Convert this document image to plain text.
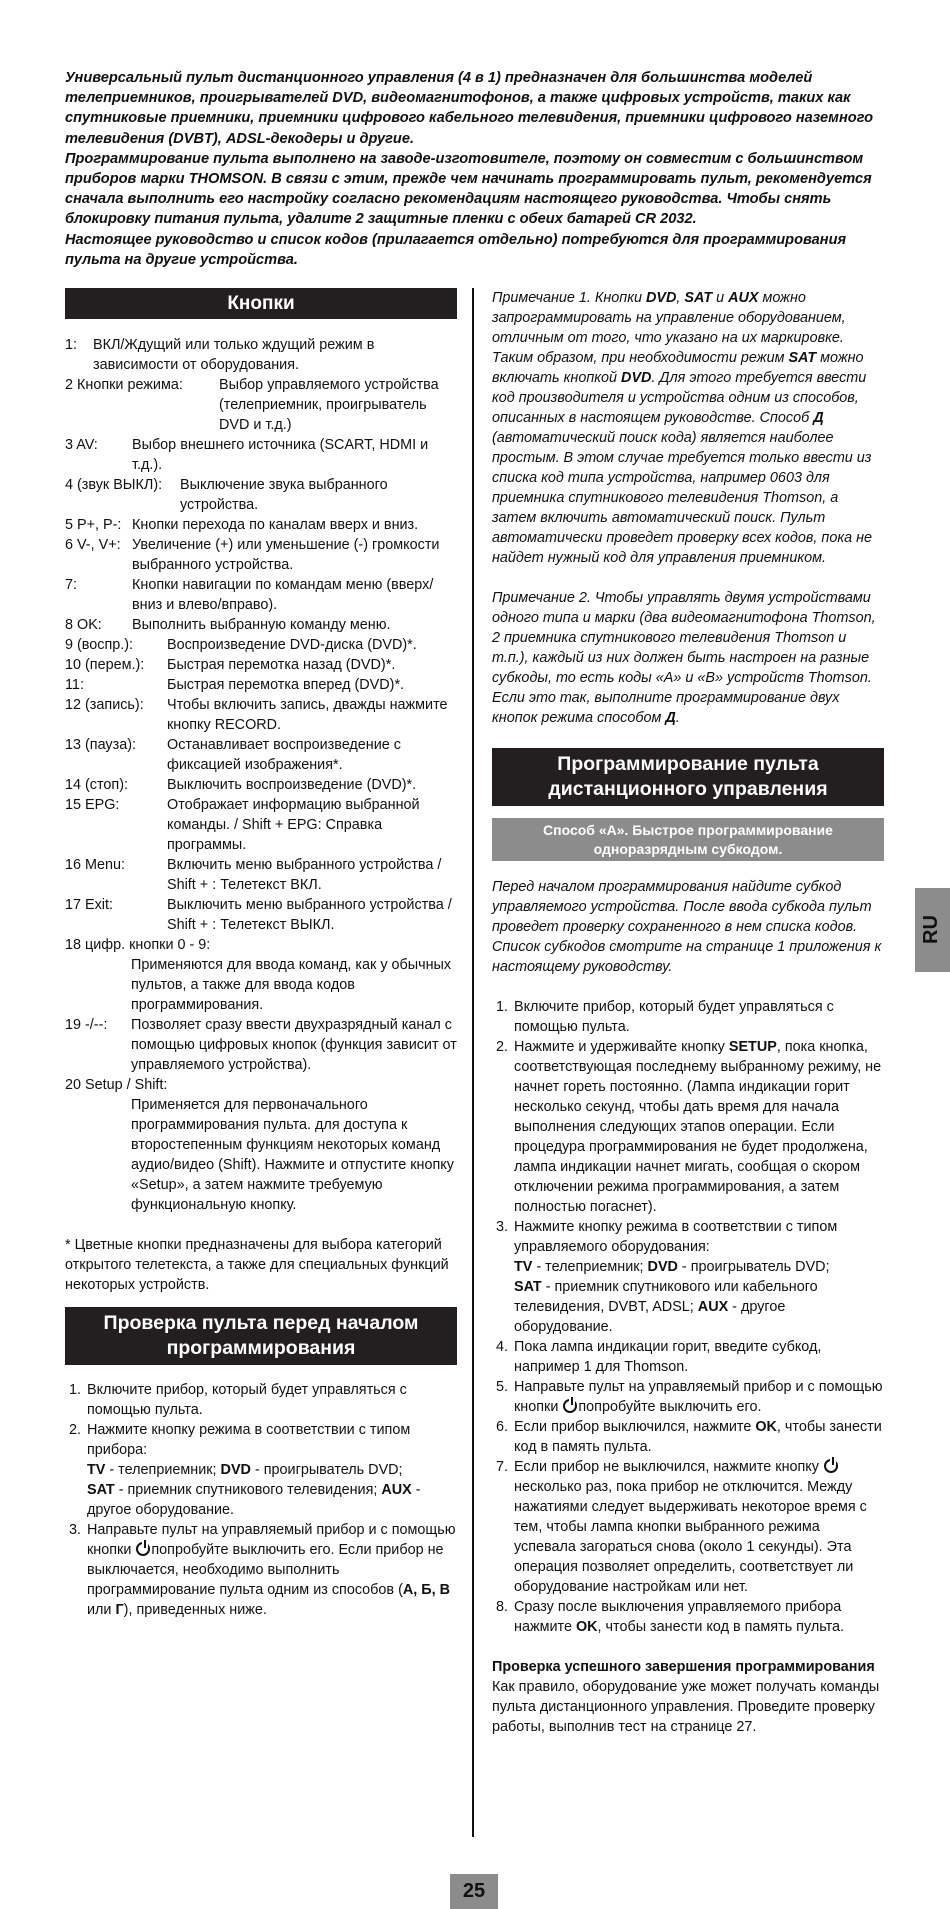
Универсальный пульт дистанционного управления (4 в 1) предназначен для большинства моделей телеприемников, проигрывателей DVD, видеомагнитофонов, а также цифровых устройств, таких как спутниковые приемники, приемники цифрового кабельного телевидения, приемники цифрового наземного телевидения (DVBT), ADSL-декодеры и другие.

Программирование пульта выполнено на заводе-изготовителе, поэтому он совместим с большинством приборов марки THOMSON. В связи с этим, прежде чем начинать программировать пульт, рекомендуется сначала выполнить его настройку согласно рекомендациям настоящего руководства. Чтобы снять блокировку питания пульта, удалите 2 защитные пленки с обеих батарей CR 2032.

Настоящее руководство и список кодов (прилагается отдельно) потребуются для программирования пульта на другие устройства.

Кнопки
1:	ВКЛ/Ждущий или только ждущий режим в
зависимости от оборудования.
2 Кнопки режима:	Выбор управляемого устройства (телеприемник, проигрыватель DVD и т.д.)
3 AV:	Выбор внешнего источника (SCART, HDMI и т.д.).
4 (звук ВЫКЛ):	Выключение звука выбранного устройства.
5 P+, P-: Кнопки перехода по каналам вверх и вниз.
6 V-, V+: Увеличение (+) или уменьшение (-) громкости выбранного устройства.
7:	Кнопки навигации по командам меню (вверх/вниз и влево/вправо).
8 OK:	Выполнить выбранную команду меню.
9 (воспр.):	Воспроизведение DVD-диска (DVD)*.
10 (перем.):	Быстрая перемотка назад (DVD)*.
11:	Быстрая перемотка вперед (DVD)*.
12 (запись):	Чтобы включить запись, дважды нажмите кнопку RECORD.
13 (пауза):	Останавливает воспроизведение с фиксацией изображения*.
14 (стоп):	Выключить воспроизведение (DVD)*.
15 EPG:	Отображает информацию выбранной команды. / Shift + EPG: Справка программы.
16 Menu:	Включить меню выбранного устройства / Shift + : Телетекст ВКЛ.
17 Exit:	Выключить меню выбранного устройства / Shift + : Телетекст ВЫКЛ.
18 цифр. кнопки 0 - 9:
Применяются для ввода команд, как у обычных пультов, а также для ввода кодов программирования.
19 -/--:	Позволяет сразу ввести двухразрядный канал с помощью цифровых кнопок (функция зависит от управляемого устройства).
20 Setup / Shift:
Применяется для первоначального программирования пульта. для доступа к второстепенным функциям некоторых команд аудио/видео (Shift). Нажмите и отпустите кнопку «Setup», а затем нажмите требуемую функциональную кнопку.
* Цветные кнопки предназначены для выбора категорий открытого телетекста, а также для специальных функций некоторых устройств.
Проверка пульта перед началом программирования
1. Включите прибор, который будет управляться с помощью пульта.
2. Нажмите кнопку режима в соответствии с типом прибора:
TV - телеприемник; DVD - проигрыватель DVD;
SAT - приемник спутникового телевидения; AUX - другое оборудование.
3. Направьте пульт на управляемый прибор и с помощью кнопки попробуйте выключить его. Если прибор не выключается, необходимо выполнить программирование пульта одним из способов (А, Б, В или Г), приведенных ниже.

Примечание 1. Кнопки DVD, SAT и AUX можно запрограммировать на управление оборудованием, отличным от того, что указано на их маркировке. Таким образом, при необходимости режим SAT можно включать кнопкой DVD. Для этого требуется ввести код производителя и устройства одним из способов, описанных в настоящем руководстве. Способ Д (автоматический поиск кода) является наиболее простым. В этом случае требуется только ввести из списка код типа устройства, например 0603 для приемника спутникового телевидения Thomson, а затем включить автоматический поиск. Пульт автоматически проведет проверку всех кодов, пока не найдет нужный код для управления приемником.

Примечание 2. Чтобы управлять двумя устройствами одного типа и марки (два видеомагнитофона Thomson, 2 приемника спутникового телевидения Thomson и т.п.), каждый из них должен быть настроен на разные субкоды, то есть коды «A» и «B» устройств Thomson. Если это так, выполните программирование двух кнопок режима способом Д.

Программирование пульта дистанционного управления
Способ «А». Быстрое программирование одноразрядным субкодом.

Перед началом программирования найдите субкод управляемого устройства. После ввода субкода пульт проведет проверку сохраненного в нем списка кодов. Список субкодов смотрите на странице 1 приложения к настоящему руководству.

1. Включите прибор, который будет управляться с помощью пульта.
2. Нажмите и удерживайте кнопку SETUP, пока кнопка, соответствующая последнему выбранному режиму, не начнет гореть постоянно. (Лампа индикации горит несколько секунд, чтобы дать время для начала выполнения следующих этапов операции. Если процедура программирования не будет продолжена, лампа индикации начнет мигать, сообщая о скором отключении режима программирования, а затем полностью погаснет).
3. Нажмите кнопку режима в соответствии с типом управляемого оборудования:
TV - телеприемник; DVD - проигрыватель DVD;
SAT - приемник спутникового или кабельного телевидения, DVBT, ADSL; AUX - другое оборудование.
4. Пока лампа индикации горит, введите субкод, например 1 для Thomson.
5. Направьте пульт на управляемый прибор и с помощью кнопки попробуйте выключить его.
6. Если прибор выключился, нажмите OK, чтобы занести код в память пульта.
7. Если прибор не выключился, нажмите кнопку  несколько раз, пока прибор не отключится. Между нажатиями следует выдерживать некоторое время с тем, чтобы лампа кнопки выбранного режима успевала загораться снова (около 1 секунды). Эта операция позволяет определить, соответствует ли оборудование настройкам или нет.
8. Сразу после выключения управляемого прибора нажмите OK, чтобы занести код в память пульта.
Проверка успешного завершения программирования
Как правило, оборудование уже может получать команды пульта дистанционного управления. Проведите проверку работы, выполнив тест на странице 27.
RU
25
